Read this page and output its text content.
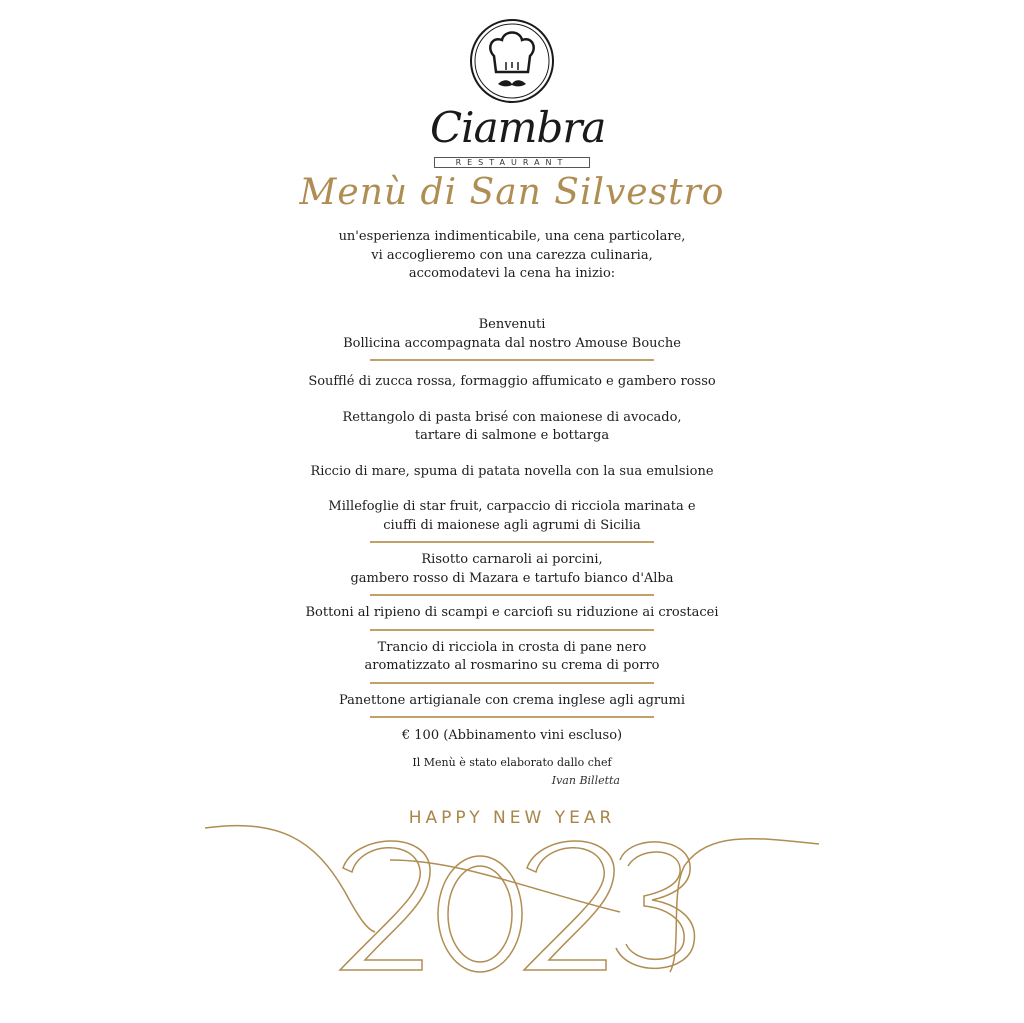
Ciambra
RESTAURANT
Menù di San Silvestro
un'esperienza indimenticabile, una cena particolare,
vi accoglieremo con una carezza culinaria,
accomodatevi la cena ha inizio:
Benvenuti
Bollicina accompagnata dal nostro Amouse Bouche
Soufflé di zucca rossa, formaggio affumicato e gambero rosso
Rettangolo di pasta brisé con maionese di avocado,
tartare di salmone e bottarga
Riccio di mare, spuma di patata novella con la sua emulsione
Millefoglie di star fruit, carpaccio di ricciola marinata e
ciuffi di maionese agli agrumi di Sicilia
Risotto carnaroli ai porcini,
gambero rosso di Mazara e tartufo bianco d'Alba
Bottoni al ripieno di scampi e carciofi su riduzione ai crostacei
Trancio di ricciola in crosta di pane nero
aromatizzato al rosmarino su crema di porro
Panettone artigianale con crema inglese agli agrumi
€ 100 (Abbinamento vini escluso)
Il Menù è stato elaborato dallo chef
Ivan Billetta
HAPPY NEW YEAR
